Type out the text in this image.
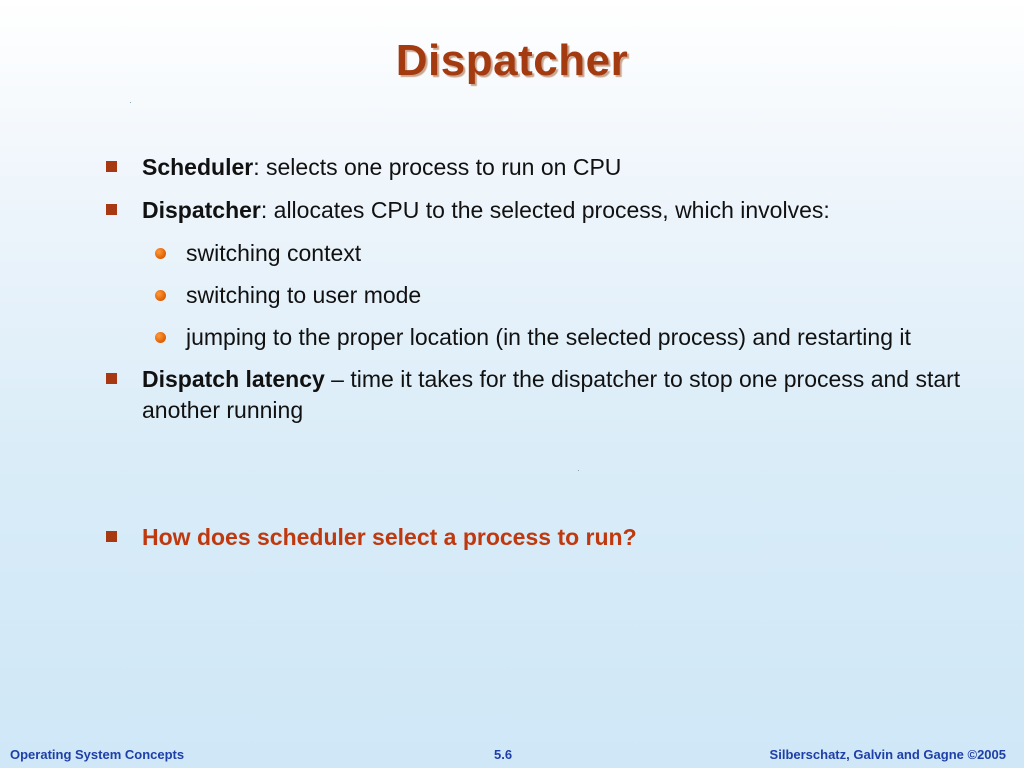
Dispatcher
Scheduler: selects one process to run on CPU
Dispatcher: allocates CPU to the selected process, which involves:
switching context
switching to user mode
jumping to the proper location (in the selected process) and restarting it
Dispatch latency – time it takes for the dispatcher to stop one process and start another running
How does scheduler select a process to run?
Operating System Concepts	5.6	Silberschatz, Galvin and Gagne ©2005
